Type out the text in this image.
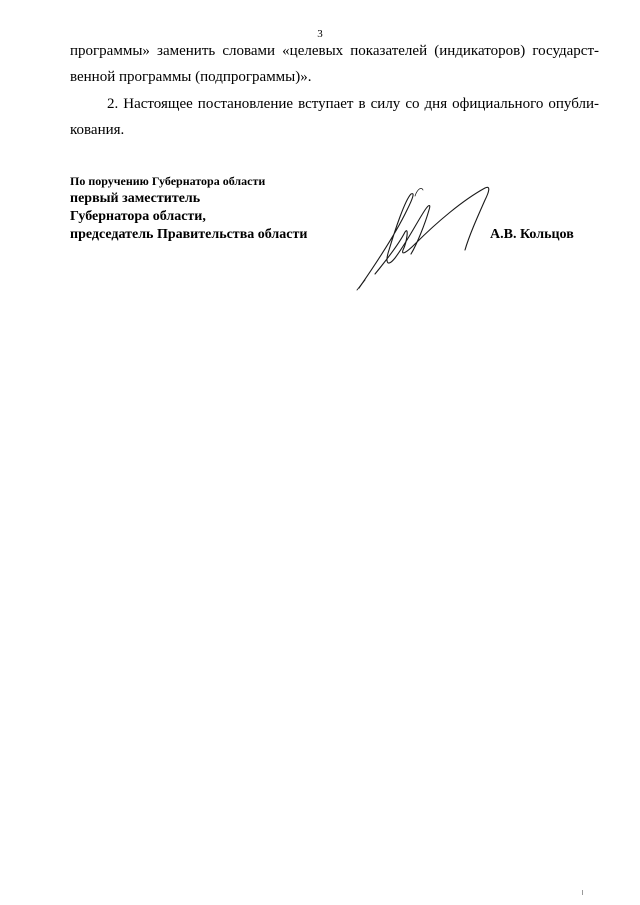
3
программы» заменить словами «целевых показателей (индикаторов) государст-
венной программы (подпрограммы)».
2. Настоящее постановление вступает в силу со дня официального опубли-
кования.
По поручению Губернатора области
первый заместитель
Губернатора области,
председатель Правительства области	А.В. Кольцов
